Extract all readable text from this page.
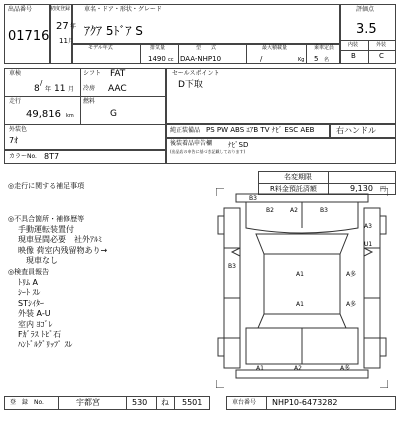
出品番号
01716
初度登録
27 年
11 月
車名・ドア・形状・グレード
ｱｸｱ 5ﾄﾞｱ S
モデル年式	排気量
1490 cc
型　　式
DAA-NHP10
最大積載量
/	Kg
乗車定員
5 名
評価点
3.5
内装	外装
B	C
車検
/
シフト FAT
8 年 11 月 冷房 AAC
走行
49,816 km
燃料
G
外装色
7ｵ
カラーNo. 8T7
セールスポイント
D下取
純正装備品 PS PW ABS ｴｱB TV ﾅﾋﾞ ESC AEB	右ハンドル
後装着品申告欄
(出品店の申告に基づき記載しております)
ﾅﾋﾞSD
名変期限
R料金預託済額	9,130 円
◎走行に関する補足事項
◎不具合箇所・補修歴等
手動運転装置付
現車昼間必要　社外ｱﾙﾐ
映像 荷室内残留物あり→
　現車なし
◎検査員報告
ﾄﾘﾑ A
ｼｰﾄ ｽﾚ
STｼｲﾀｰ
外装 A-U
室内 ﾖｺﾞﾚ
Fｶﾞﾗｽ ﾄﾋﾞ石
ﾊﾝﾄﾞﾙｸﾞﾘｯﾌﾟ ｽﾚ
B3
B2	A2	B3
A3
U1
A1
B3
A多
A1	A多
A1	A2	A多
登　録　No.	宇都宮	530 ね 5501	車台番号 NHP10-6473282
